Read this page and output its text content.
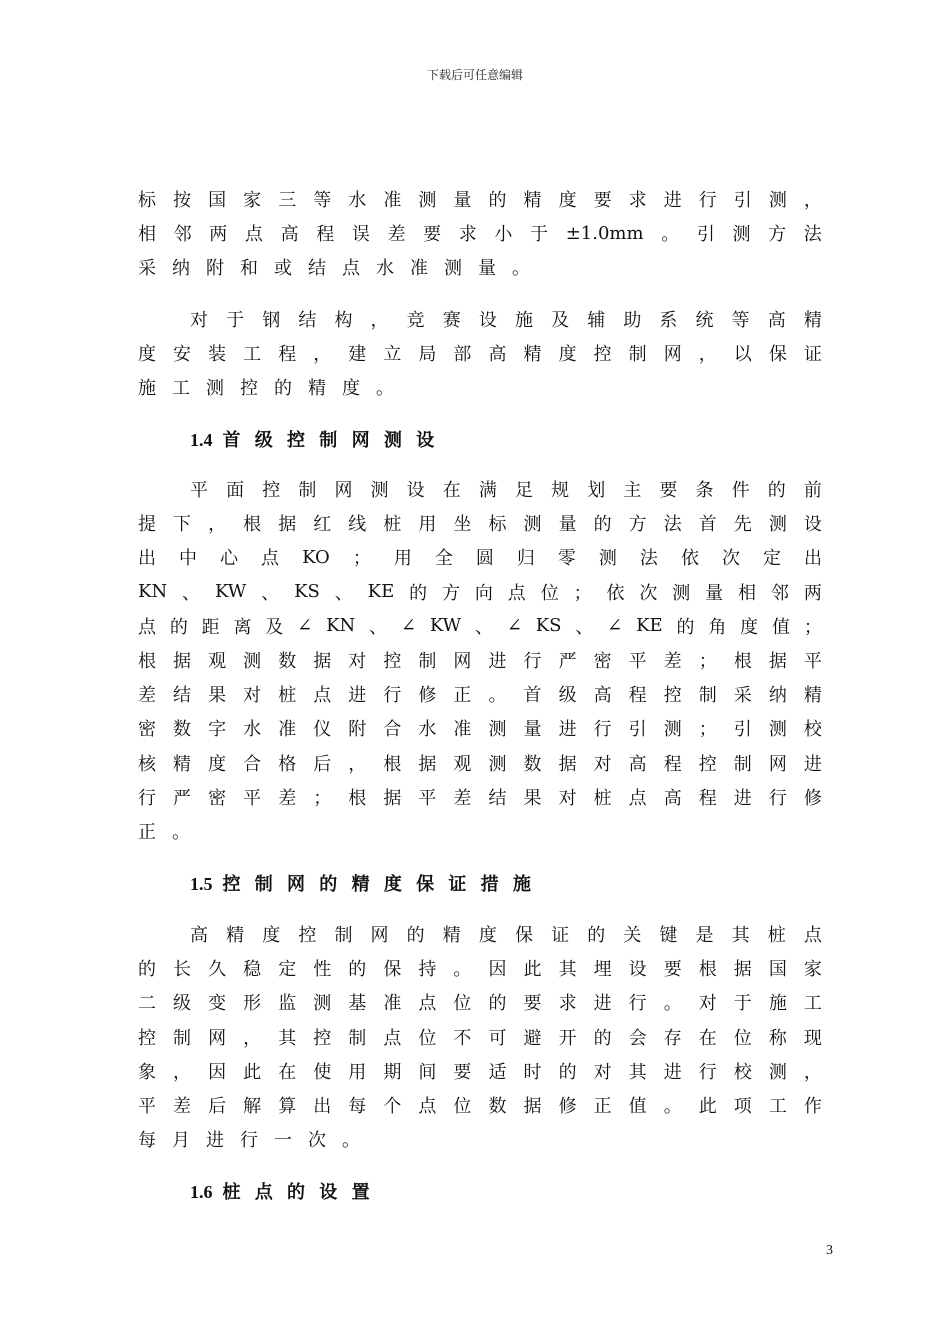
下载后可任意编辑
标 按 国 家 三 等 水 准 测 量 的 精 度 要 求 进 行 引 测 ，
相 邻 两 点 高 程 误 差 要 求 小 于 ±1.0mm 。 引 测 方 法
采 纳 附 和 或 结 点 水 准 测 量 。
对 于 钢 结 构 ， 竞 赛 设 施 及 辅 助 系 统 等 高 精
度 安 装 工 程 ， 建 立 局 部 高 精 度 控 制 网 ， 以 保 证
施 工 测 控 的 精 度 。
1.4 首 级 控 制 网 测 设
平 面 控 制 网 测 设 在 满 足 规 划 主 要 条 件 的 前
提 下 ， 根 据 红 线 桩 用 坐 标 测 量 的 方 法 首 先 测 设
出 中 心 点 KO ； 用 全 圆 归 零 测 法 依 次 定 出
KN 、 KW 、 KS 、 KE 的 方 向 点 位 ； 依 次 测 量 相 邻 两
点 的 距 离 及 ∠ KN 、 ∠ KW 、 ∠ KS 、 ∠ KE 的 角 度 值 ；
根 据 观 测 数 据 对 控 制 网 进 行 严 密 平 差 ； 根 据 平
差 结 果 对 桩 点 进 行 修 正 。 首 级 高 程 控 制 采 纳 精
密 数 字 水 准 仪 附 合 水 准 测 量 进 行 引 测 ； 引 测 校
核 精 度 合 格 后 ， 根 据 观 测 数 据 对 高 程 控 制 网 进
行 严 密 平 差 ； 根 据 平 差 结 果 对 桩 点 高 程 进 行 修
正 。
1.5 控 制 网 的 精 度 保 证 措 施
高 精 度 控 制 网 的 精 度 保 证 的 关 键 是 其 桩 点
的 长 久 稳 定 性 的 保 持 。 因 此 其 埋 设 要 根 据 国 家
二 级 变 形 监 测 基 准 点 位 的 要 求 进 行 。 对 于 施 工
控 制 网 ， 其 控 制 点 位 不 可 避 开 的 会 存 在 位 称 现
象 ， 因 此 在 使 用 期 间 要 适 时 的 对 其 进 行 校 测 ，
平 差 后 解 算 出 每 个 点 位 数 据 修 正 值 。 此 项 工 作
每 月 进 行 一 次 。
1.6 桩 点 的 设 置
3
